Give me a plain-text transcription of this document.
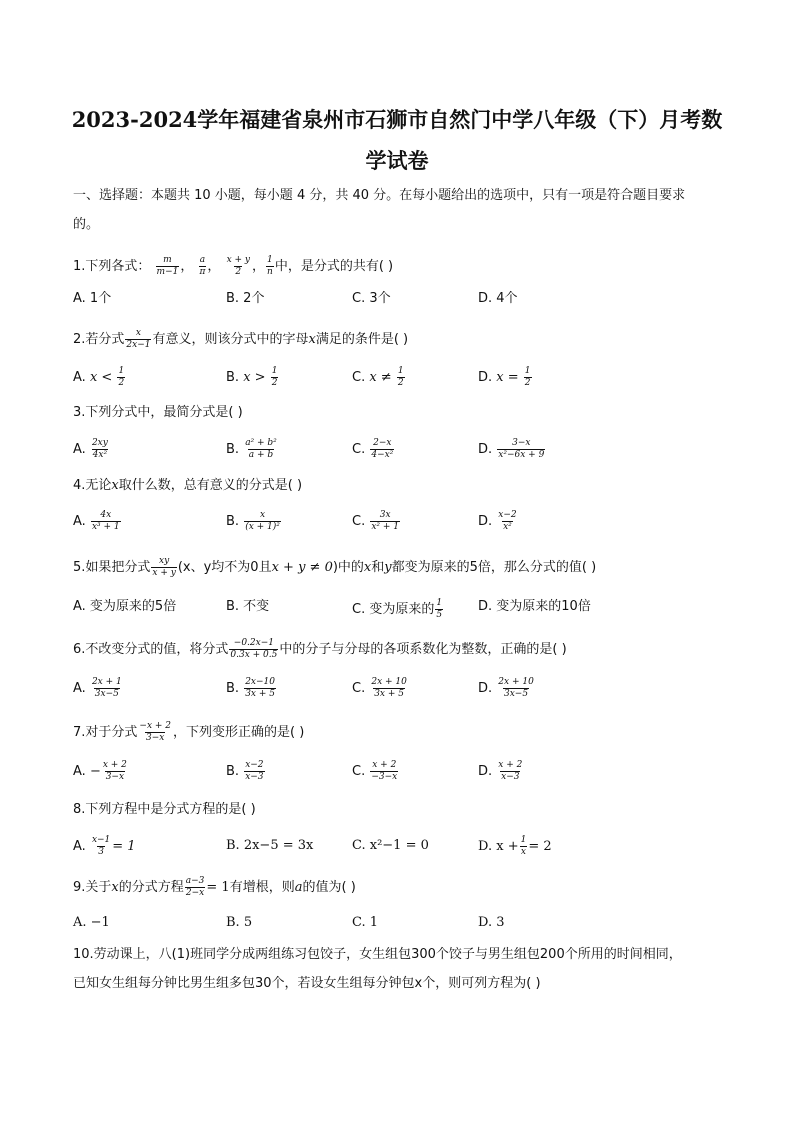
2023-2024学年福建省泉州市石狮市自然门中学八年级（下）月考数
学试卷
一、选择题：本题共 10 小题，每小题 4 分，共 40 分。在每小题给出的选项中，只有一项是符合题目要求
的。
1.下列各式： $\frac{m}{m-1}$ ， $\frac{a}{\pi}$ ， $\frac{x + y}{2}$ ， $\frac{1}{n}$ 中，是分式的共有( )
A. 1个	B. 2个	C. 3个	D. 4个
2.若分式 $\frac{x}{2x-1}$ 有意义，则该分式中的字母x满足的条件是( )
A. $x < \frac{1}{2}$	B. $x > \frac{1}{2}$	C. $x \ne \frac{1}{2}$	D. $x = \frac{1}{2}$
3.下列分式中，最简分式是( )
A. $\frac{2xy}{\text{4x²}}$	B. $\frac{\text{a² + b²}}{a + b}$	C. $\frac{2-x}{\text{4−x²}}$	D. $\frac{3-x}{\text{x²−6x + 9}}$
4.无论x取什么数，总有意义的分式是( )
A. $\frac{4x}{\text{x³ + 1}}$	B. $\frac{x}{\text{(x + 1)²}}$	C. $\frac{3x}{\text{x² + 1}}$	D. $\frac{x-2}{\text{x²}}$
5.如果把分式 $\frac{xy}{x + y} (x$、y均不为0且x + y ≠ 0)中的x和y都变为原来的5倍，那么分式的值( )
A. 变为原来的5倍	B. 不变	C. 变为原来的 $\frac{1}{5}$	D. 变为原来的10倍
6.不改变分式的值，将分式 $\frac{-0.2x-1}{0.3x + 0.5}$ 中的分子与分母的各项系数化为整数，正确的是( )
A. $\frac{2x + 1}{3x-5}$	B. $\frac{2x-10}{3x + 5}$	C. $\frac{2x + 10}{3x + 5}$	D. $\frac{2x + 10}{3x-5}$
7.对于分式 $\frac{-x + 2}{3-x}$ ，下列变形正确的是( )
A. − $\frac{x + 2}{3-x}$	B. $\frac{x-2}{x-3}$	C. $\frac{x + 2}{-3-x}$	D. $\frac{x + 2}{x-3}$
8.下列方程中是分式方程的是( )
A. $\frac{x-1}{3} = 1$	B. 2x−5 = 3x	C. x²−1 = 0	D. $x + \frac{1}{x} = 2$
9.关于x的分式方程 $\frac{a-3}{2-x} = 1$有增根，则a的值为( )
A. −1	B. 5	C. 1	D. 3
10.劳动课上，八(1)班同学分成两组练习包饺子，女生组包300个饺子与男生组包200个所用的时间相同，
已知女生组每分钟比男生组多包30个，若设女生组每分钟包x个，则可列方程为( )
